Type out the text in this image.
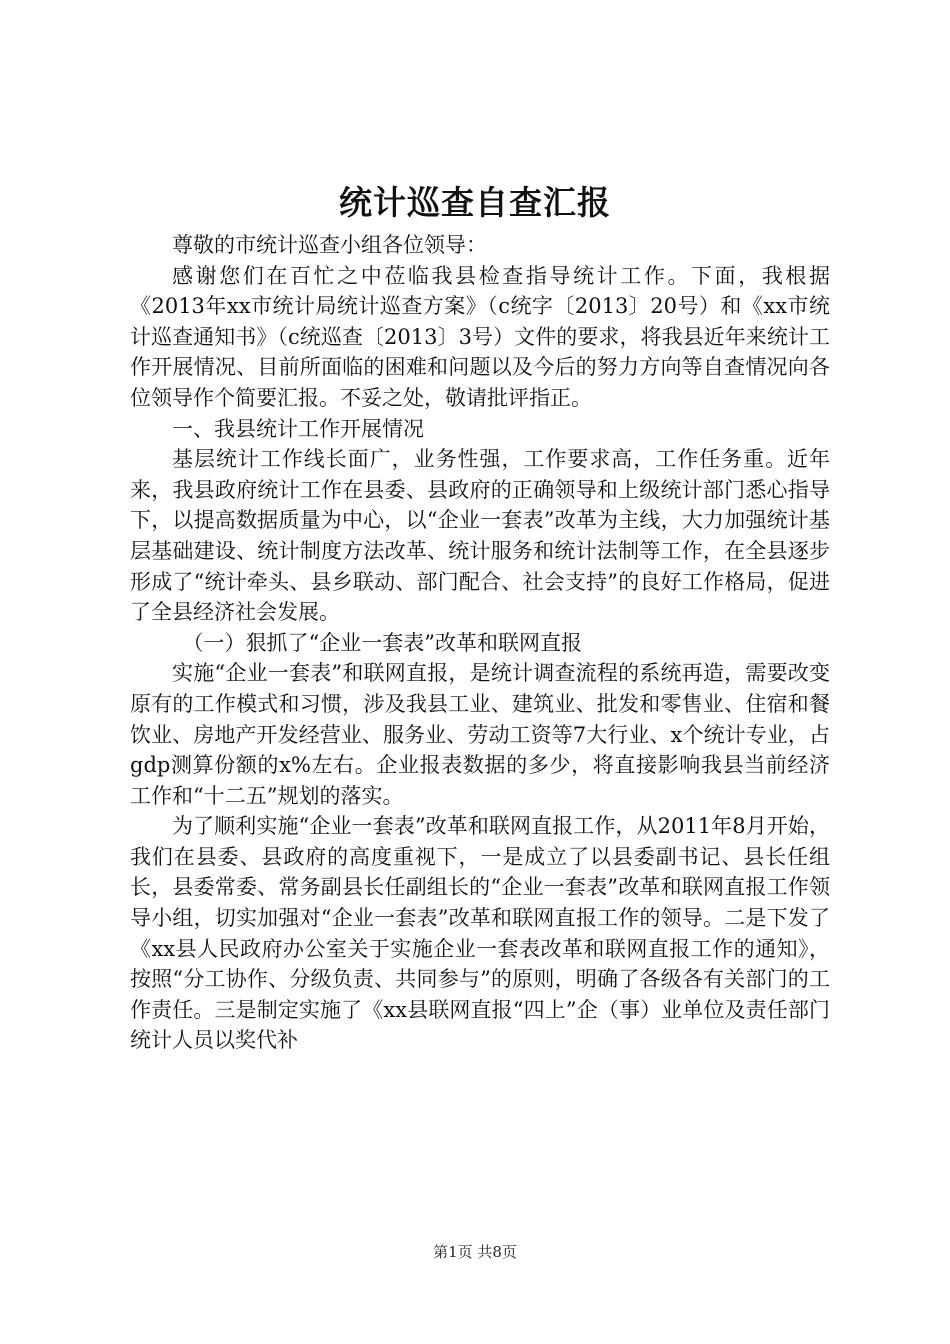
统计巡查自查汇报

尊敬的市统计巡查小组各位领导：

感谢您们在百忙之中莅临我县检查指导统计工作。下面，我根据《2013年xx市统计局统计巡查方案》（c统字〔2013〕20号）和《xx市统计巡查通知书》（c统巡查〔2013〕3号）文件的要求，将我县近年来统计工作开展情况、目前所面临的困难和问题以及今后的努力方向等自查情况向各位领导作个简要汇报。不妥之处，敬请批评指正。

一、我县统计工作开展情况

基层统计工作线长面广，业务性强，工作要求高，工作任务重。近年来，我县政府统计工作在县委、县政府的正确领导和上级统计部门悉心指导下，以提高数据质量为中心，以“企业一套表”改革为主线，大力加强统计基层基础建设、统计制度方法改革、统计服务和统计法制等工作，在全县逐步形成了“统计牵头、县乡联动、部门配合、社会支持”的良好工作格局，促进了全县经济社会发展。

（一）狠抓了“企业一套表”改革和联网直报

实施“企业一套表”和联网直报，是统计调查流程的系统再造，需要改变原有的工作模式和习惯，涉及我县工业、建筑业、批发和零售业、住宿和餐饮业、房地产开发经营业、服务业、劳动工资等7大行业、x个统计专业，占gdp测算份额的x%左右。企业报表数据的多少，将直接影响我县当前经济工作和“十二五”规划的落实。

为了顺利实施“企业一套表”改革和联网直报工作，从2011年8月开始，我们在县委、县政府的高度重视下，一是成立了以县委副书记、县长任组长，县委常委、常务副县长任副组长的“企业一套表”改革和联网直报工作领导小组，切实加强对“企业一套表”改革和联网直报工作的领导。二是下发了《xx县人民政府办公室关于实施企业一套表改革和联网直报工作的通知》，按照“分工协作、分级负责、共同参与”的原则，明确了各级各有关部门的工作责任。三是制定实施了《xx县联网直报“四上”企（事）业单位及责任部门统计人员以奖代补

第1页 共8页
